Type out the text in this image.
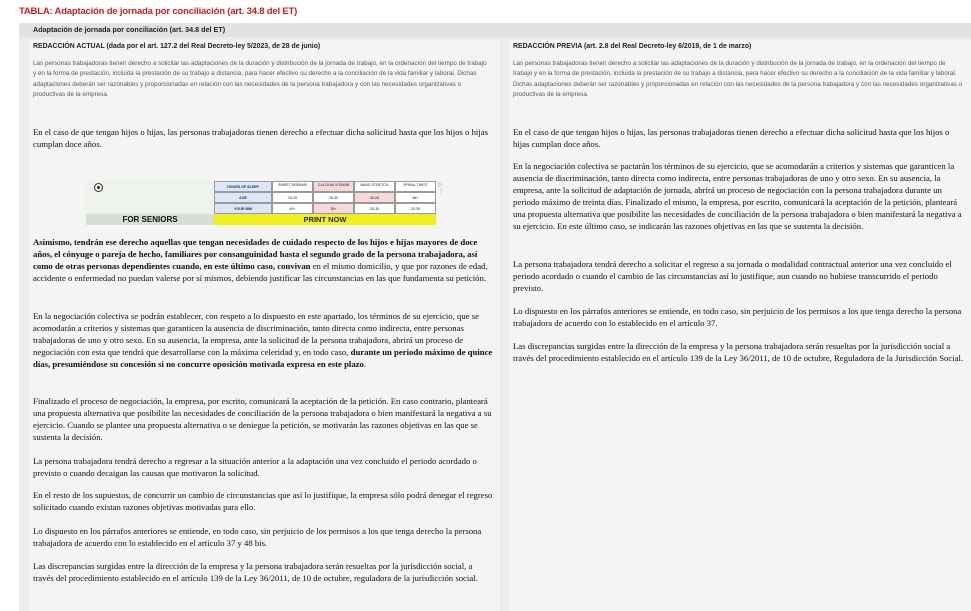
TABLA: Adaptación de jornada por conciliación (art. 34.8 del ET)
Adaptación de jornada por conciliación (art. 34.8 del ET)
REDACCIÓN ACTUAL (dada por el art. 127.2 del Real Decreto-ley 5/2023, de 28 de junio)

Las personas trabajadoras tienen derecho a solicitar las adaptaciones de la duración y distribución de la jornada de trabajo, en la ordenación del tiempo de trabajo y en la forma de prestación, incluida la prestación de su trabajo a distancia, para hacer efectivo su derecho a la conciliación de la vida familiar y laboral. Dichas adaptaciones deberán ser razonables y proporcionadas en relación con las necesidades de la persona trabajadora y con las necesidades organizativas o productivas de la empresa.

En el caso de que tengan hijos o hijas, las personas trabajadoras tienen derecho a efectuar dicha solicitud hasta que los hijos o hijas cumplan doce años.

FOR SENIORS
HOURS OF SLEEP	SWEET DREAMS	CALCIUM VITAMIN	BAND STRETCH	SPINAL TWIST
AGE	18-25	26-35	36-65	66+
YOUR BMI	40+	35+	25-30	20-25
PRINT NOW
▷ ⋮

Asimismo, tendrán ese derecho aquellas que tengan necesidades de cuidado respecto de los hijos e hijas mayores de doce años, el cónyuge o pareja de hecho, familiares por consanguinidad hasta el segundo grado de la persona trabajadora, así como de otras personas dependientes cuando, en este último caso, convivan en el mismo domicilio, y que por razones de edad, accidente o enfermedad no puedan valerse por sí mismos, debiendo justificar las circunstancias en las que fundamenta su petición.

En la negociación colectiva se podrán establecer, con respeto a lo dispuesto en este apartado, los términos de su ejercicio, que se acomodarán a criterios y sistemas que garanticen la ausencia de discriminación, tanto directa como indirecta, entre personas trabajadoras de uno y otro sexo. En su ausencia, la empresa, ante la solicitud de la persona trabajadora, abrirá un proceso de negociación con esta que tendrá que desarrollarse con la máxima celeridad y, en todo caso, durante un periodo máximo de quince días, presumiéndose su concesión si no concurre oposición motivada expresa en este plazo.

Finalizado el proceso de negociación, la empresa, por escrito, comunicará la aceptación de la petición. En caso contrario, planteará una propuesta alternativa que posibilite las necesidades de conciliación de la persona trabajadora o bien manifestará la negativa a su ejercicio. Cuando se plantee una propuesta alternativa o se deniegue la petición, se motivarán las razones objetivas en las que se sustenta la decisión.

La persona trabajadora tendrá derecho a regresar a la situación anterior a la adaptación una vez concluido el periodo acordado o previsto o cuando decaigan las causas que motivaron la solicitud.

En el resto de los supuestos, de concurrir un cambio de circunstancias que así lo justifique, la empresa sólo podrá denegar el regreso solicitado cuando existan razones objetivas motivadas para ello.

Lo dispuesto en los párrafos anteriores se entiende, en todo caso, sin perjuicio de los permisos a los que tenga derecho la persona trabajadora de acuerdo con lo establecido en el artículo 37 y 48 bis.

Las discrepancias surgidas entre la dirección de la empresa y la persona trabajadora serán resueltas por la jurisdicción social, a través del procedimiento establecido en el artículo 139 de la Ley 36/2011, de 10 de octubre, reguladora de la jurisdicción social.

REDACCIÓN PREVIA (art. 2.8 del Real Decreto-ley 6/2019, de 1 de marzo)

Las personas trabajadoras tienen derecho a solicitar las adaptaciones de la duración y distribución de la jornada de trabajo, en la ordenación del tiempo de trabajo y en la forma de prestación, incluida la prestación de su trabajo a distancia, para hacer efectivo su derecho a la conciliación de la vida familiar y laboral. Dichas adaptaciones deberán ser razonables y proporcionadas en relación con las necesidades de la persona trabajadora y con las necesidades organizativas o productivas de la empresa.

En el caso de que tengan hijos o hijas, las personas trabajadoras tienen derecho a efectuar dicha solicitud hasta que los hijos o hijas cumplan doce años.

En la negociación colectiva se pactarán los términos de su ejercicio, que se acomodarán a criterios y sistemas que garanticen la ausencia de discriminación, tanto directa como indirecta, entre personas trabajadoras de uno y otro sexo. En su ausencia, la empresa, ante la solicitud de adaptación de jornada, abrirá un proceso de negociación con la persona trabajadora durante un periodo máximo de treinta días. Finalizado el mismo, la empresa, por escrito, comunicará la aceptación de la petición, planteará una propuesta alternativa que posibilite las necesidades de conciliación de la persona trabajadora o bien manifestará la negativa a su ejercicio. En este último caso, se indicarán las razones objetivas en las que se sustenta la decisión.

La persona trabajadora tendrá derecho a solicitar el regreso a su jornada o modalidad contractual anterior una vez concluido el periodo acordado o cuando el cambio de las circunstancias así lo justifique, aun cuando no hubiese transcurrido el periodo previsto.

Lo dispuesto en los párrafos anteriores se entiende, en todo caso, sin perjuicio de los permisos a los que tenga derecho la persona trabajadora de acuerdo con lo establecido en el artículo 37.

Las discrepancias surgidas entre la dirección de la empresa y la persona trabajadora serán resueltas por la jurisdicción social a través del procedimiento establecido en el artículo 139 de la Ley 36/2011, de 10 de octubre, Reguladora de la Jurisdicción Social.
